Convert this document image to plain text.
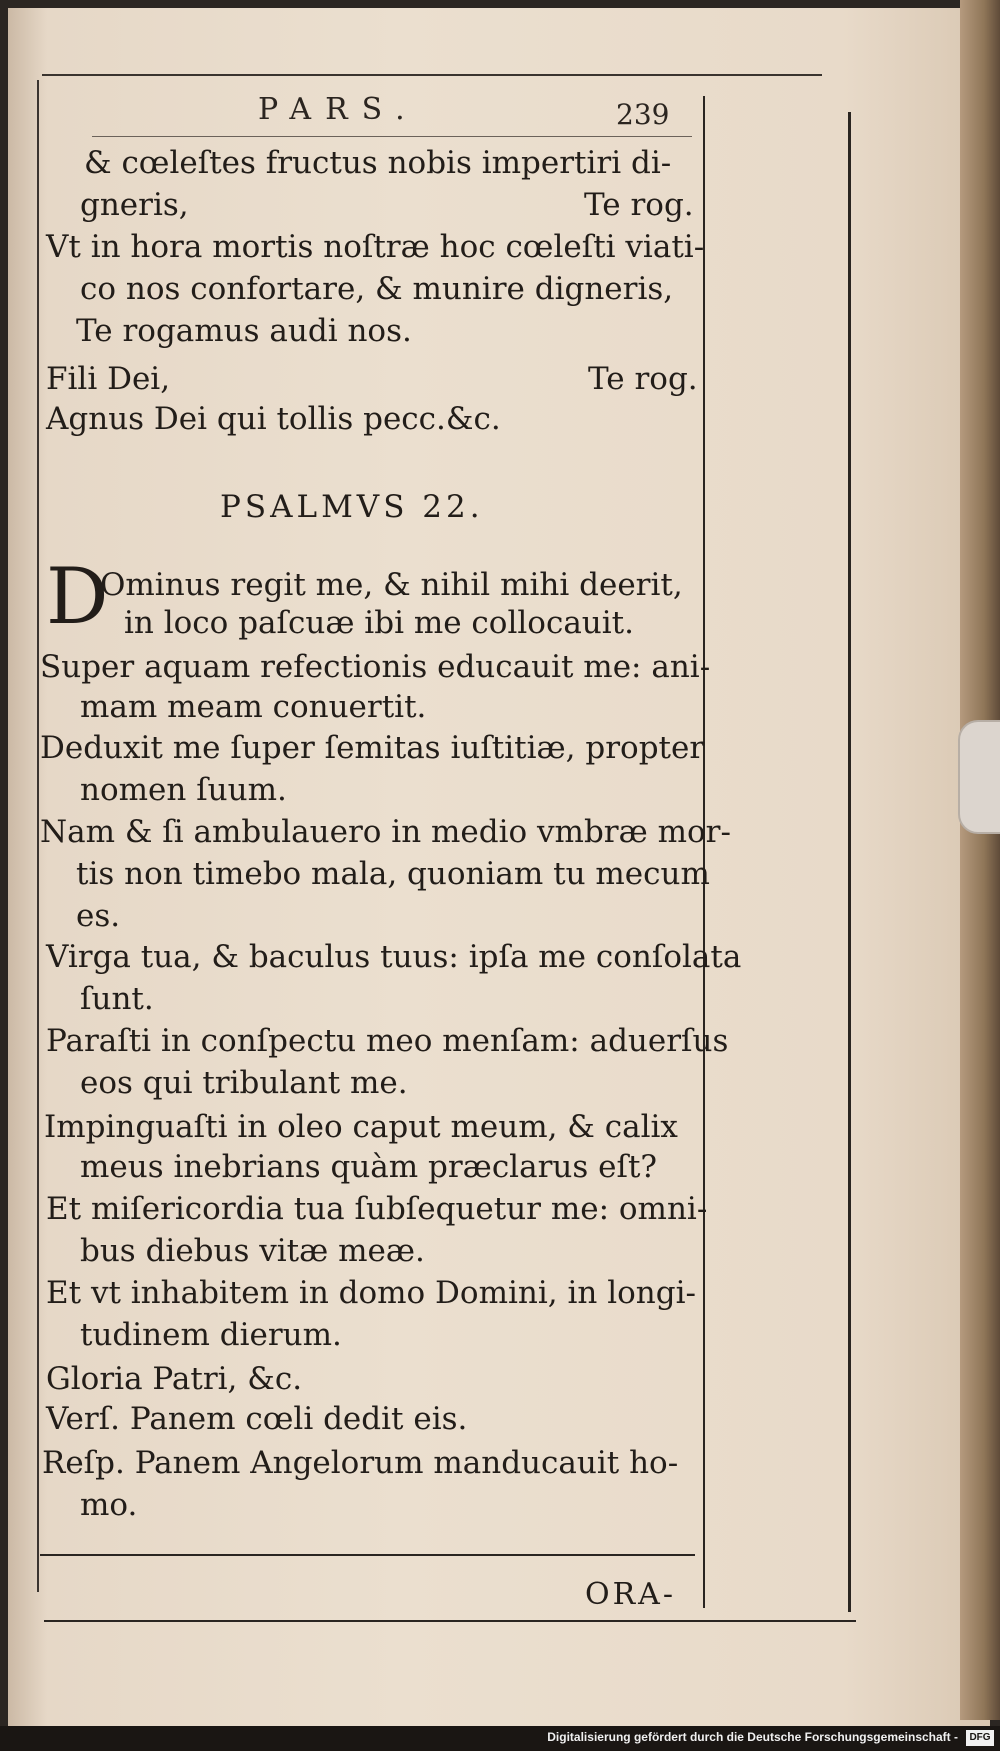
PARS.	239
& cœleſtes fructus nobis impertiri di-
gneris,	Te rog.
Vt in hora mortis noſtræ hoc cœleſti viati-
co nos confortare, & munire digneris,
Te rogamus audi nos.
Fili Dei,	Te rog.
Agnus Dei qui tollis pecc.&c.
PSALMVS 22.
D
Ominus regit me, & nihil mihi deerit,
in loco paſcuæ ibi me collocauit.
Super aquam refectionis educauit me: ani-
mam meam conuertit.
Deduxit me ſuper ſemitas iuſtitiæ, propter
nomen ſuum.
Nam & ſi ambulauero in medio vmbræ mor-
tis non timebo mala, quoniam tu mecum
es.
Virga tua, & baculus tuus: ipſa me conſolata
ſunt.
Paraſti in conſpectu meo menſam: aduerſus
eos qui tribulant me.
Impinguaſti in oleo caput meum, & calix
meus inebrians quàm præclarus eſt?
Et miſericordia tua ſubſequetur me: omni-
bus diebus vitæ meæ.
Et vt inhabitem in domo Domini, in longi-
tudinem dierum.
Gloria Patri, &c.
Verſ. Panem cœli dedit eis.
Reſp. Panem Angelorum manducauit ho-
mo.
ORA-
Digitalisierung gefördert durch die Deutsche Forschungsgemeinschaft -	DFG
